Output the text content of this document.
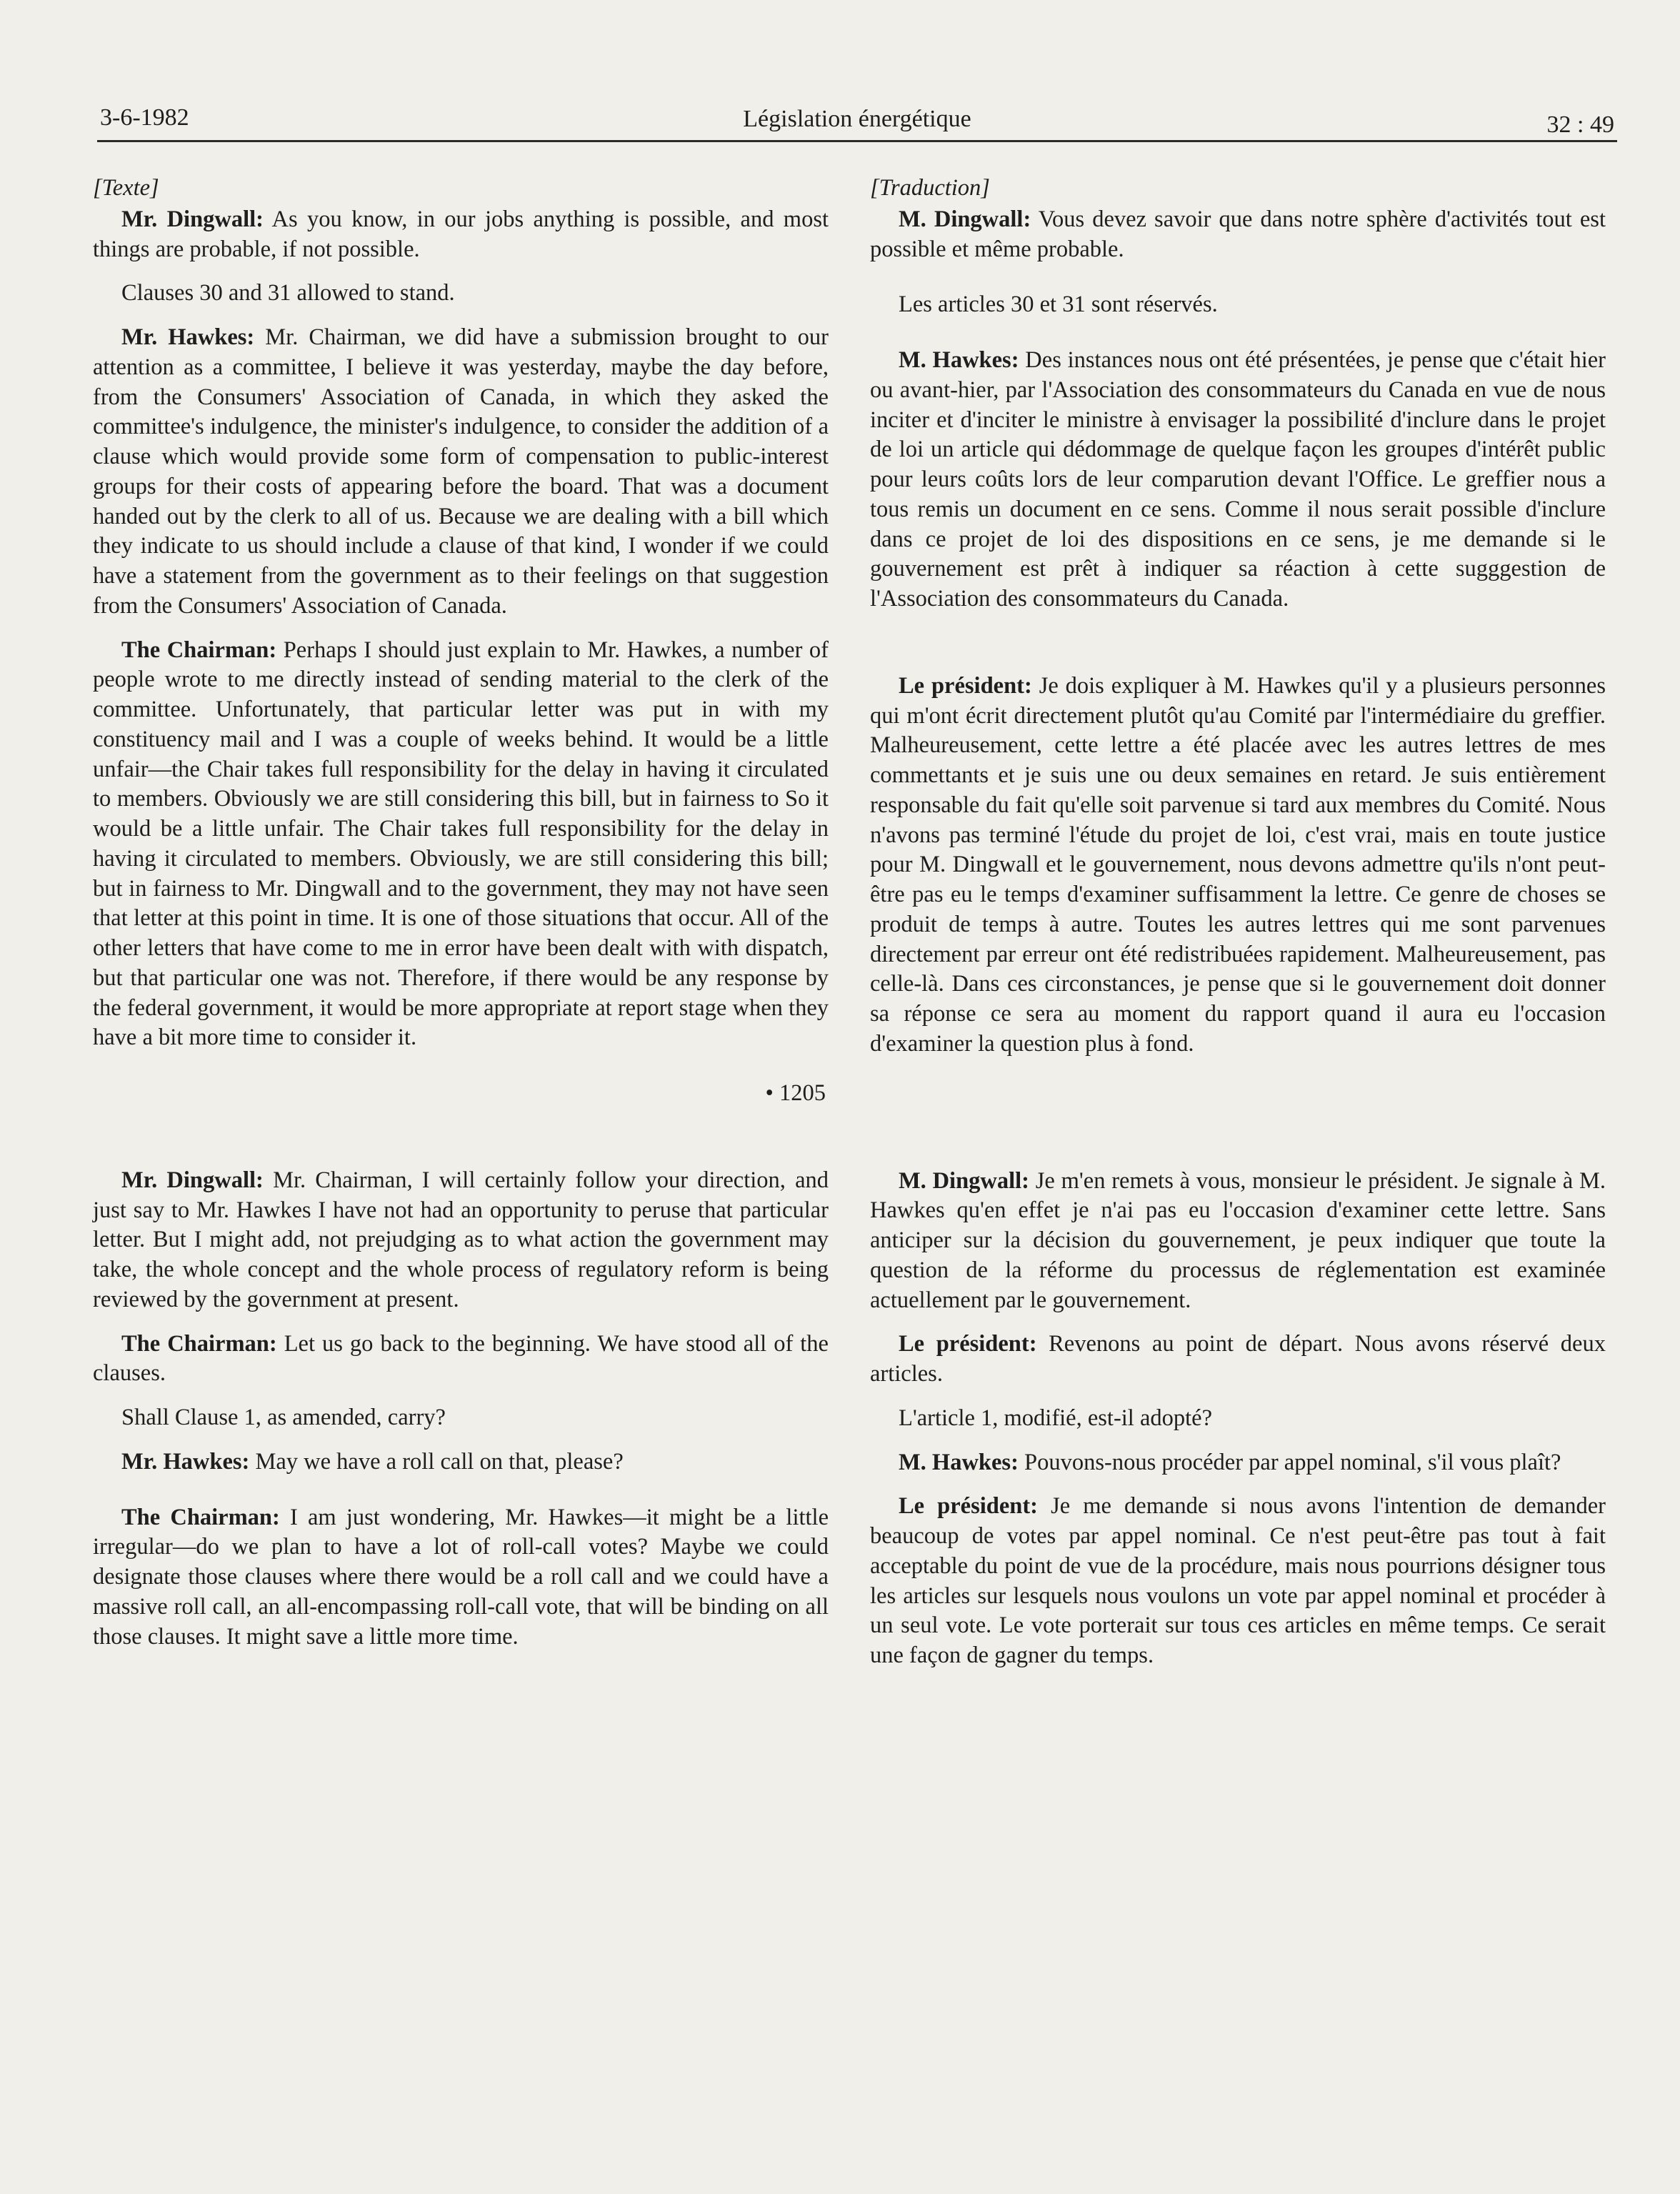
3-6-1982	Législation énergétique	32 : 49

[Texte]

Mr. Dingwall: As you know, in our jobs anything is possible, and most things are probable, if not possible.

Clauses 30 and 31 allowed to stand.

Mr. Hawkes: Mr. Chairman, we did have a submission brought to our attention as a committee, I believe it was yesterday, maybe the day before, from the Consumers' Association of Canada, in which they asked the committee's indulgence, the minister's indulgence, to consider the addition of a clause which would provide some form of compensation to public-interest groups for their costs of appearing before the board. That was a document handed out by the clerk to all of us. Because we are dealing with a bill which they indicate to us should include a clause of that kind, I wonder if we could have a statement from the government as to their feelings on that suggestion from the Consumers' Association of Canada.

The Chairman: Perhaps I should just explain to Mr. Hawkes, a number of people wrote to me directly instead of sending material to the clerk of the committee. Unfortunately, that particular letter was put in with my constituency mail and I was a couple of weeks behind. It would be a little unfair—the Chair takes full responsibility for the delay in having it circulated to members. Obviously we are still considering this bill, but in fairness to So it would be a little unfair. The Chair takes full responsibility for the delay in having it circulated to members. Obviously, we are still considering this bill; but in fairness to Mr. Dingwall and to the government, they may not have seen that letter at this point in time. It is one of those situations that occur. All of the other letters that have come to me in error have been dealt with with dispatch, but that particular one was not. Therefore, if there would be any response by the federal government, it would be more appropriate at report stage when they have a bit more time to consider it.

• 1205

Mr. Dingwall: Mr. Chairman, I will certainly follow your direction, and just say to Mr. Hawkes I have not had an opportunity to peruse that particular letter. But I might add, not prejudging as to what action the government may take, the whole concept and the whole process of regulatory reform is being reviewed by the government at present.

The Chairman: Let us go back to the beginning. We have stood all of the clauses.

Shall Clause 1, as amended, carry?

Mr. Hawkes: May we have a roll call on that, please?

The Chairman: I am just wondering, Mr. Hawkes—it might be a little irregular—do we plan to have a lot of roll-call votes? Maybe we could designate those clauses where there would be a roll call and we could have a massive roll call, an all-encompassing roll-call vote, that will be binding on all those clauses. It might save a little more time.

[Traduction]

M. Dingwall: Vous devez savoir que dans notre sphère d'activités tout est possible et même probable.

Les articles 30 et 31 sont réservés.

M. Hawkes: Des instances nous ont été présentées, je pense que c'était hier ou avant-hier, par l'Association des consommateurs du Canada en vue de nous inciter et d'inciter le ministre à envisager la possibilité d'inclure dans le projet de loi un article qui dédommage de quelque façon les groupes d'intérêt public pour leurs coûts lors de leur comparution devant l'Office. Le greffier nous a tous remis un document en ce sens. Comme il nous serait possible d'inclure dans ce projet de loi des dispositions en ce sens, je me demande si le gouvernement est prêt à indiquer sa réaction à cette sugggestion de l'Association des consommateurs du Canada.

Le président: Je dois expliquer à M. Hawkes qu'il y a plusieurs personnes qui m'ont écrit directement plutôt qu'au Comité par l'intermédiaire du greffier. Malheureusement, cette lettre a été placée avec les autres lettres de mes commettants et je suis une ou deux semaines en retard. Je suis entièrement responsable du fait qu'elle soit parvenue si tard aux membres du Comité. Nous n'avons pas terminé l'étude du projet de loi, c'est vrai, mais en toute justice pour M. Dingwall et le gouvernement, nous devons admettre qu'ils n'ont peut-être pas eu le temps d'examiner suffisamment la lettre. Ce genre de choses se produit de temps à autre. Toutes les autres lettres qui me sont parvenues directement par erreur ont été redistribuées rapidement. Malheureusement, pas celle-là. Dans ces circonstances, je pense que si le gouvernement doit donner sa réponse ce sera au moment du rapport quand il aura eu l'occasion d'examiner la question plus à fond.

M. Dingwall: Je m'en remets à vous, monsieur le président. Je signale à M. Hawkes qu'en effet je n'ai pas eu l'occasion d'examiner cette lettre. Sans anticiper sur la décision du gouvernement, je peux indiquer que toute la question de la réforme du processus de réglementation est examinée actuellement par le gouvernement.

Le président: Revenons au point de départ. Nous avons réservé deux articles.

L'article 1, modifié, est-il adopté?

M. Hawkes: Pouvons-nous procéder par appel nominal, s'il vous plaît?

Le président: Je me demande si nous avons l'intention de demander beaucoup de votes par appel nominal. Ce n'est peut-être pas tout à fait acceptable du point de vue de la procédure, mais nous pourrions désigner tous les articles sur lesquels nous voulons un vote par appel nominal et procéder à un seul vote. Le vote porterait sur tous ces articles en même temps. Ce serait une façon de gagner du temps.
